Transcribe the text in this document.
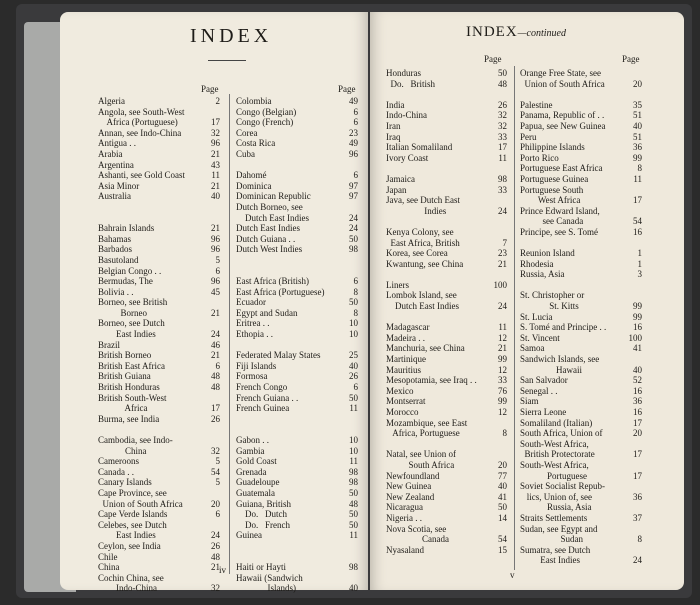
INDEX	INDEX—continued
Page	Page
Page	Page
Algeria	2
Angola, see South-West
Africa (Portuguese)	17
Annan, see Indo-China	32
Antigua . .	96
Arabia	21
Argentina	43
Ashanti, see Gold Coast	11
Asia Minor	21
Australia	40
Bahrain Islands	21
Bahamas	96
Barbados	96
Basutoland	5
Belgian Congo . .	6
Bermudas, The	96
Bolivia . .	45
Borneo, see British
Borneo	21
Borneo, see Dutch
East Indies	24
Brazil	46
British Borneo	21
British East Africa	6
British Guiana	48
British Honduras	48
British South-West
Africa	17
Burma, see India	26
Cambodia, see Indo-
China	32
Cameroons	5
Canada . .	54
Canary Islands	5
Cape Province, see
Union of South Africa	20
Cape Verde Islands	6
Celebes, see Dutch
East Indies	24
Ceylon, see India	26
Chile	48
China	21
Cochin China, see
Indo-China	32
Colombia	49
Congo (Belgian)	6
Congo (French)	6
Corea	23
Costa Rica	49
Cuba	96
Dahomé	6
Dominica	97
Dominican Republic	97
Dutch Borneo, see
Dutch East Indies	24
Dutch East Indies	24
Dutch Guiana . .	50
Dutch West Indies	98
East Africa (British)	6
East Africa (Portuguese)	8
Ecuador	50
Egypt and Sudan	8
Eritrea . .	10
Ethopia . .	10
Federated Malay States	25
Fiji Islands	40
Formosa	26
French Congo	6
French Guiana . .	50
French Guinea	11
Gabon . .	10
Gambia	10
Gold Coast	11
Grenada	98
Guadeloupe	98
Guatemala	50
Guiana, British	48
Do.   Dutch	50
Do.   French	50
Guinea	11
Haiti or Hayti	98
Hawaii (Sandwich
Islands)	40
Honduras	50
Do.   British	48
India	26
Indo-China	32
Iran	32
Iraq	33
Italian Somaliland	17
Ivory Coast	11
Jamaica	98
Japan	33
Java, see Dutch East
Indies	24
Kenya Colony, see
East Africa, British	7
Korea, see Corea	23
Kwantung, see China	21
Liners	100
Lombok Island, see
Dutch East Indies	24
Madagascar	11
Madeira . .	12
Manchuria, see China	21
Martinique	99
Mauritius	12
Mesopotamia, see Iraq . . 33
Mexico	76
Montserrat	99
Morocco	12
Mozambique, see East
Africa, Portuguese	8
Natal, see Union of
South Africa	20
Newfoundland	77
New Guinea	40
New Zealand	41
Nicaragua	50
Nigeria . .	14
Nova Scotia, see
Canada	54
Nyasaland	15
Orange Free State, see
Union of South Africa	20
Palestine	35
Panama, Republic of . .	51
Papua, see New Guinea	40
Peru	51
Philippine Islands	36
Porto Rico	99
Portuguese East Africa	8
Portuguese Guinea	11
Portuguese South
West Africa	17
Prince Edward Island,
see Canada	54
Principe, see S. Tomé	16
Reunion Island	1
Rhodesia	1
Russia, Asia	3
St. Christopher or
St. Kitts	99
St. Lucia	99
S. Tomé and Principe . .	16
St. Vincent	100
Samoa	41
Sandwich Islands, see
Hawaii	40
San Salvador	52
Senegal . .	16
Siam	36
Sierra Leone	16
Somaliland (Italian)	17
South Africa, Union of	20
South-West Africa,
British Protectorate	17
South-West Africa,
Portuguese	17
Soviet Socialist Repub-
lics, Union of, see	36
Russia, Asia
Straits Settlements	37
Sudan, see Egypt and
Sudan	8
Sumatra, see Dutch
East Indies	24
iv	v
